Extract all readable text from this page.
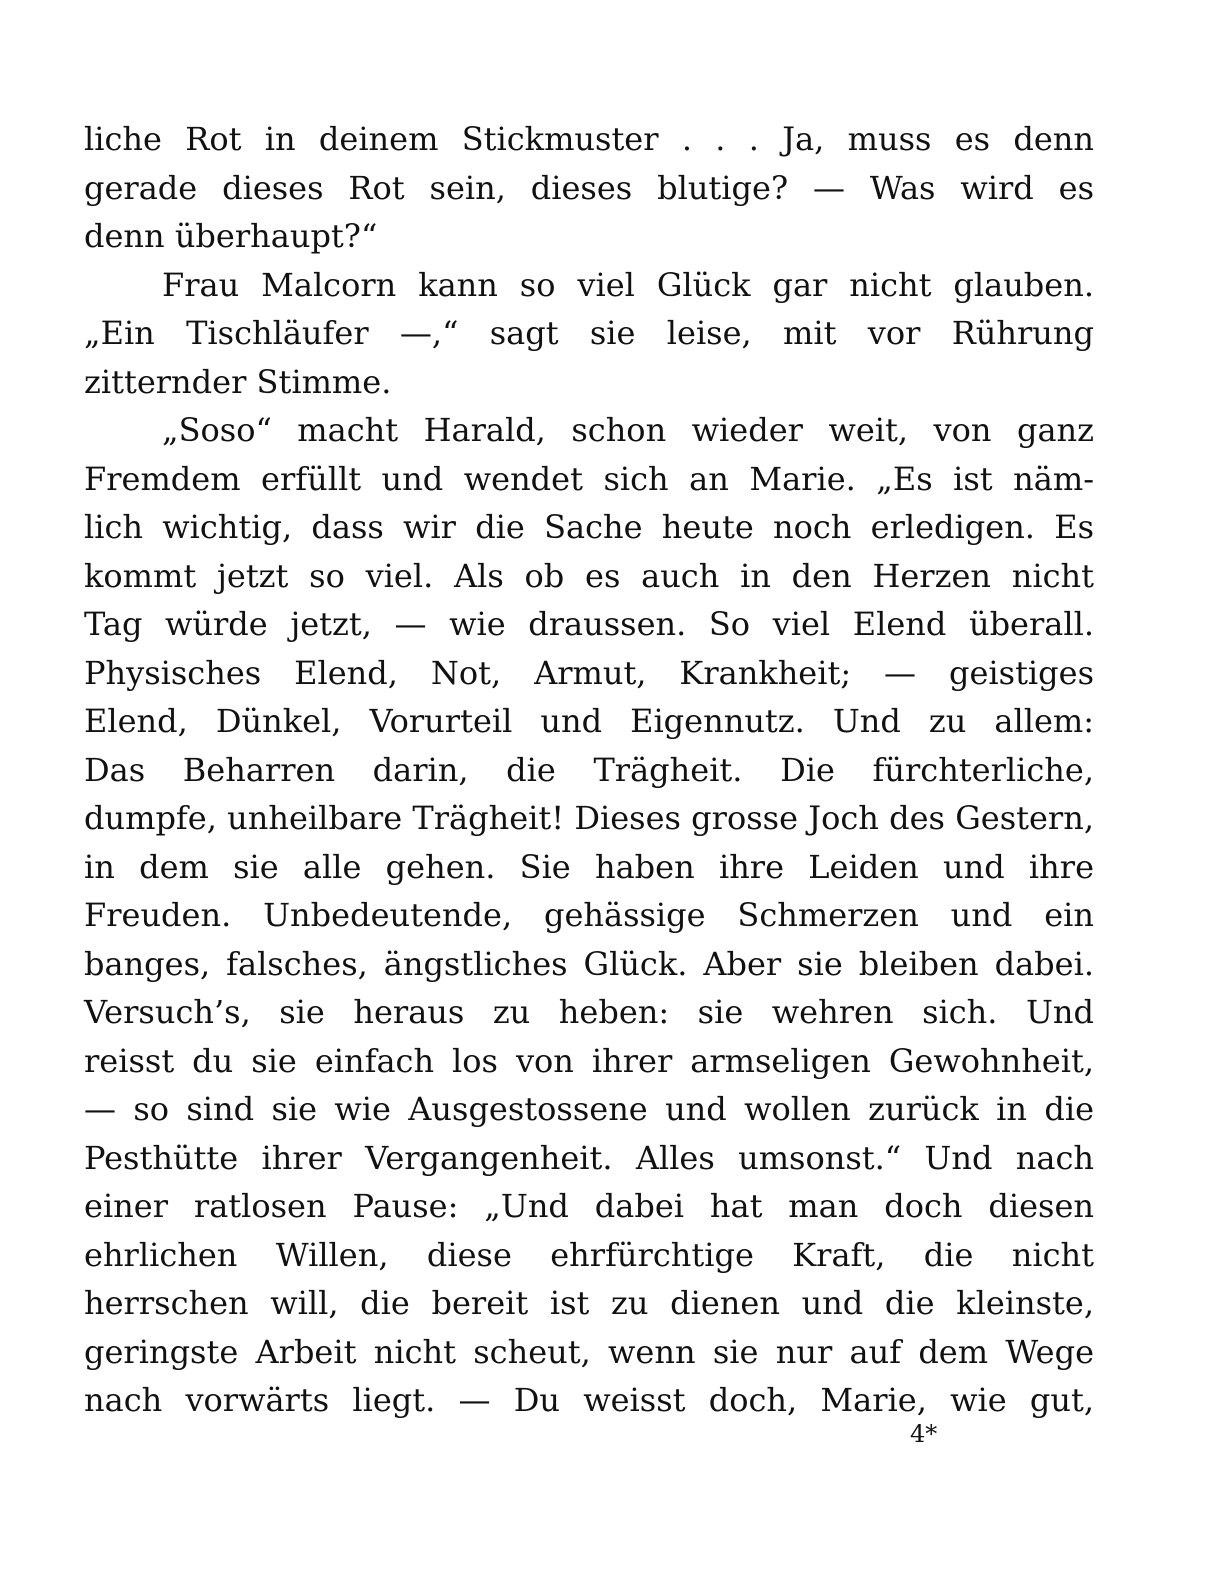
liche Rot in deinem Stickmuster . . . Ja, muss es denn
gerade dieses Rot sein, dieses blutige? — Was wird es
denn überhaupt?“

Frau Malcorn kann so viel Glück gar nicht glauben.
„Ein Tischläufer —,“ sagt sie leise, mit vor Rührung
zitternder Stimme.

„Soso“ macht Harald, schon wieder weit, von ganz
Fremdem erfüllt und wendet sich an Marie. „Es ist näm-
lich wichtig, dass wir die Sache heute noch erledigen. Es
kommt jetzt so viel. Als ob es auch in den Herzen nicht
Tag würde jetzt, — wie draussen. So viel Elend überall.
Physisches Elend, Not, Armut, Krankheit; — geistiges
Elend, Dünkel, Vorurteil und Eigennutz. Und zu allem:
Das Beharren darin, die Trägheit. Die fürchterliche,
dumpfe, unheilbare Trägheit! Dieses grosse Joch des Gestern,
in dem sie alle gehen. Sie haben ihre Leiden und ihre
Freuden. Unbedeutende, gehässige Schmerzen und ein
banges, falsches, ängstliches Glück. Aber sie bleiben dabei.
Versuch’s, sie heraus zu heben: sie wehren sich. Und
reisst du sie einfach los von ihrer armseligen Gewohnheit,
— so sind sie wie Ausgestossene und wollen zurück in die
Pesthütte ihrer Vergangenheit. Alles umsonst.“ Und nach
einer ratlosen Pause: „Und dabei hat man doch diesen
ehrlichen Willen, diese ehrfürchtige Kraft, die nicht
herrschen will, die bereit ist zu dienen und die kleinste,
geringste Arbeit nicht scheut, wenn sie nur auf dem Wege
nach vorwärts liegt. — Du weisst doch, Marie, wie gut,

4*
